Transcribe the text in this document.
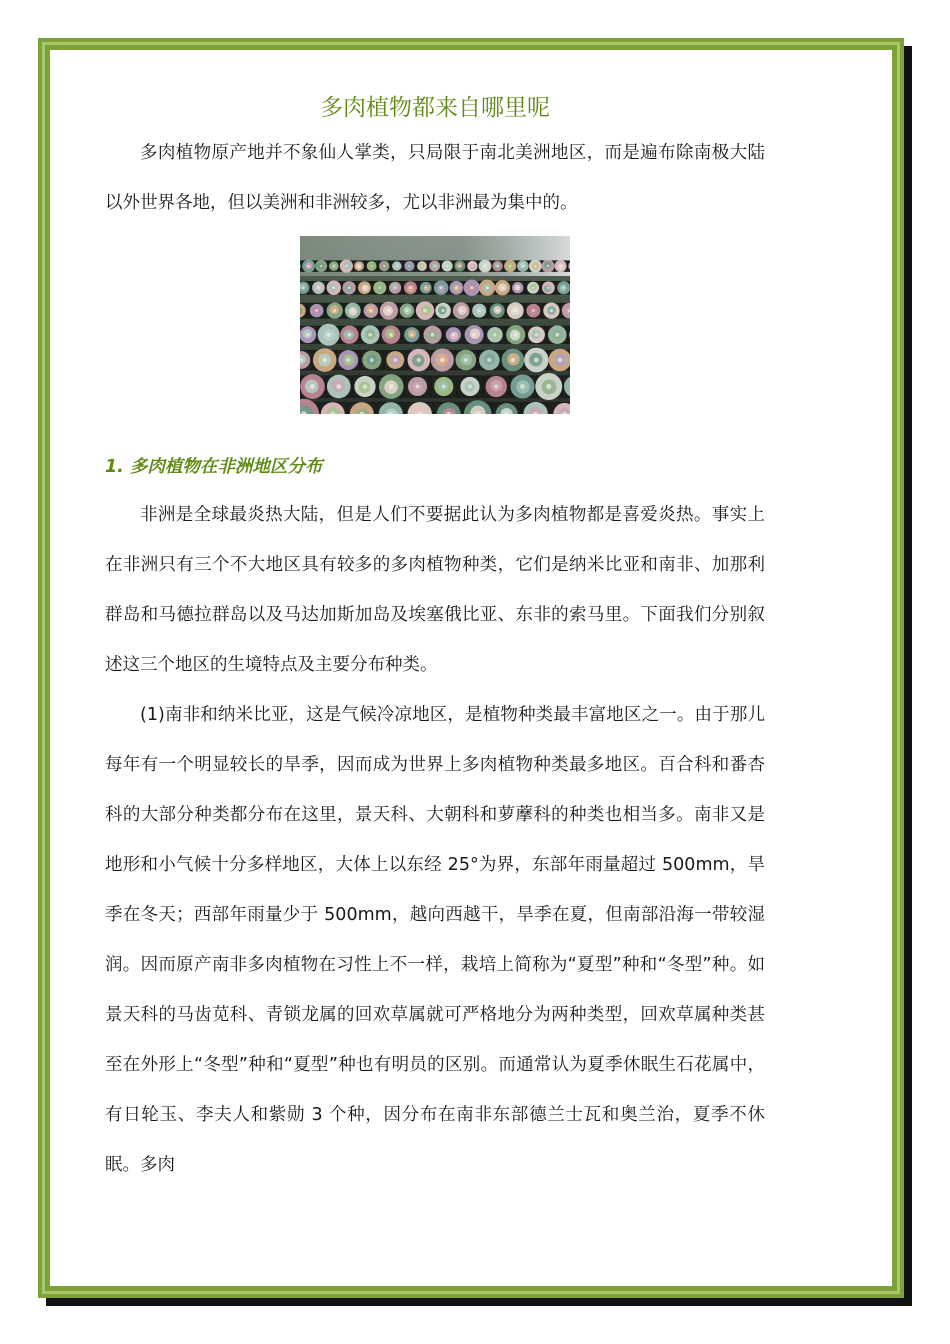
多肉植物都来自哪里呢

多肉植物原产地并不象仙人掌类，只局限于南北美洲地区，而是遍布除南极大陆以外世界各地，但以美洲和非洲较多，尤以非洲最为集中的。

1. 多肉植物在非洲地区分布

非洲是全球最炎热大陆，但是人们不要据此认为多肉植物都是喜爱炎热。事实上在非洲只有三个不大地区具有较多的多肉植物种类，它们是纳米比亚和南非、加那利群岛和马德拉群岛以及马达加斯加岛及埃塞俄比亚、东非的索马里。下面我们分别叙述这三个地区的生境特点及主要分布种类。

(1)南非和纳米比亚，这是气候冷凉地区，是植物种类最丰富地区之一。由于那儿每年有一个明显较长的旱季，因而成为世界上多肉植物种类最多地区。百合科和番杏科的大部分种类都分布在这里，景天科、大朝科和萝藦科的种类也相当多。南非又是地形和小气候十分多样地区，大体上以东经 25°为界，东部年雨量超过 500mm，旱季在冬天；西部年雨量少于 500mm，越向西越干，旱季在夏，但南部沿海一带较湿润。因而原产南非多肉植物在习性上不一样，栽培上简称为“夏型”种和“冬型”种。如景天科的马齿苋科、青锁龙属的回欢草属就可严格地分为两种类型，回欢草属种类甚至在外形上“冬型”种和“夏型”种也有明员的区别。而通常认为夏季休眠生石花属中，有日轮玉、李夫人和紫勋 3 个种，因分布在南非东部德兰士瓦和奥兰治，夏季不休眠。多肉
